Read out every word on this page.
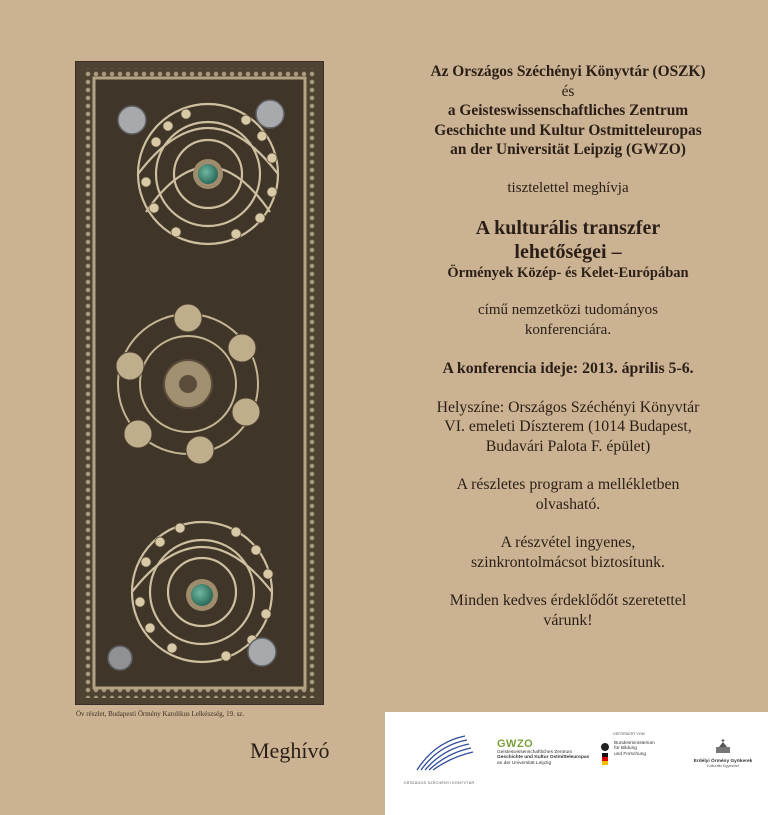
Öv részlet, Budapesti Örmény Katolikus Lelkészség, 19. sz.
Meghívó

Az Országos Széchényi Könyvtár (OSZK)

és

a Geisteswissenschaftliches Zentrum

Geschichte und Kultur Ostmitteleuropas

an der Universität Leipzig (GWZO)

tisztelettel meghívja

A kulturális transzfer

lehetőségei –

Örmények Közép- és Kelet-Európában

című nemzetközi tudományos

konferenciára.

A konferencia ideje: 2013. április 5-6.

Helyszíne: Országos Széchényi Könyvtár

VI. emeleti Díszterem (1014 Budapest,

Budavári Palota F. épület)

A részletes program a mellékletben

olvasható.

A részvétel ingyenes,

szinkrontolmácsot biztosítunk.

Minden kedves érdeklődőt szeretettel

várunk!

ORSZÁGOS SZÉCHÉNYI KÖNYVTÁR
GWZO
Geisteswissenschaftliches Zentrum
Geschichte und Kultur Ostmitteleuropas
an der Universität Leipzig
GEFÖRDERT VOM
Bundesministerium
für Bildung
und Forschung
Erdélyi Örmény Gyökerek
Kulturális Egyesület
